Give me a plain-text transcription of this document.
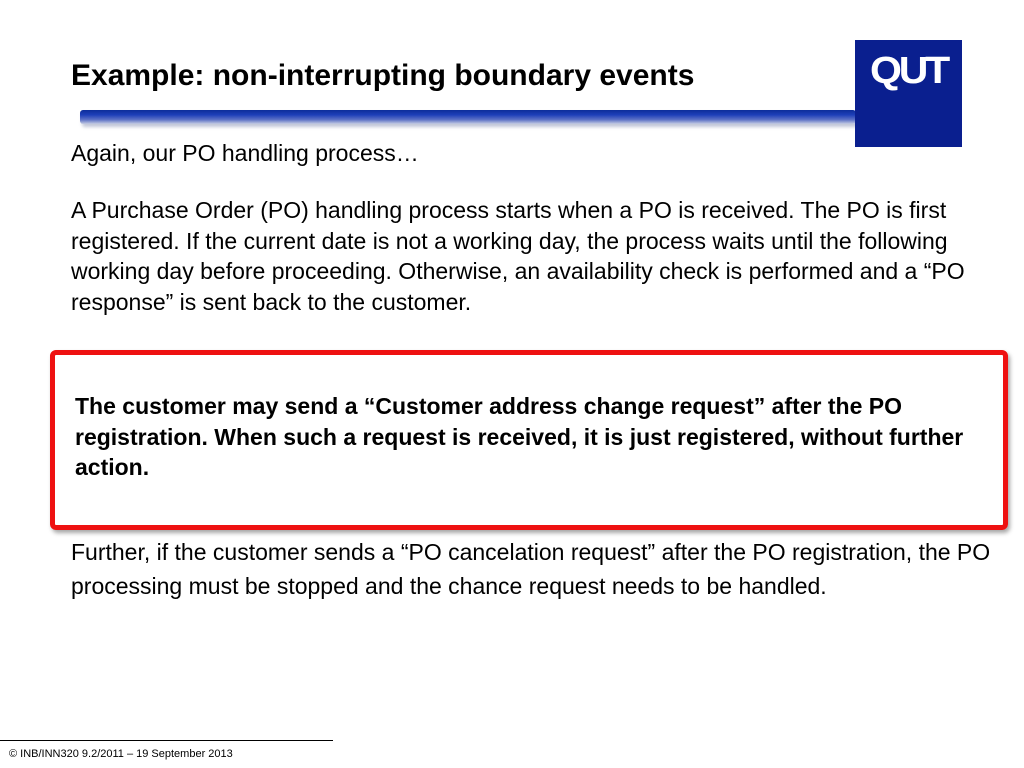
Example: non-interrupting boundary events	QUT

Again, our PO handling process…

A Purchase Order (PO) handling process starts when a PO is received. The PO is first registered. If the current date is not a working day, the process waits until the following working day before proceeding. Otherwise, an availability check is performed and a “PO response” is sent back to the customer.

The customer may send a “Customer address change request” after the PO registration. When such a request is received, it is just registered, without further action.

Further, if the customer sends a “PO cancelation request” after the PO registration, the PO processing must be stopped and the chance request needs to be handled.

© INB/INN320 9.2/2011 – 19 September 2013
